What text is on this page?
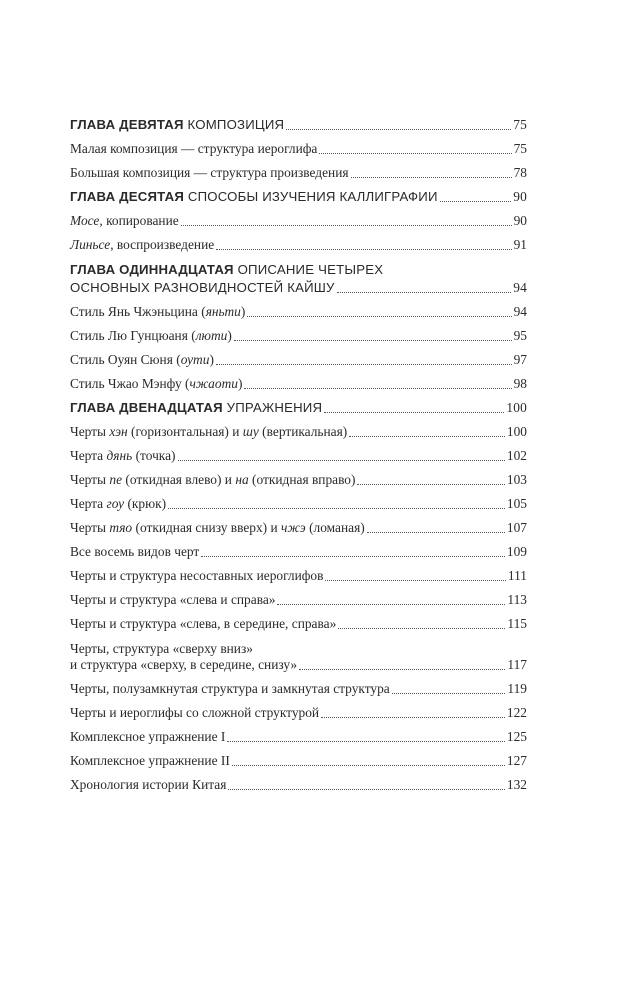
ГЛАВА ДЕВЯТАЯ КОМПОЗИЦИЯ	75
Малая композиция — структура иероглифа	75
Большая композиция — структура произведения	78
ГЛАВА ДЕСЯТАЯ СПОСОБЫ ИЗУЧЕНИЯ КАЛЛИГРАФИИ	90
Мосе, копирование	90
Линьсе, воспроизведение	91
ГЛАВА ОДИННАДЦАТАЯ ОПИСАНИЕ ЧЕТЫРЕХ
ОСНОВНЫХ РАЗНОВИДНОСТЕЙ КАЙШУ	94
Стиль Янь Чжэньцина (яньти)	94
Стиль Лю Гунцюаня (люти)	95
Стиль Оуян Сюня (оути)	97
Стиль Чжао Мэнфу (чжаоти)	98
ГЛАВА ДВЕНАДЦАТАЯ УПРАЖНЕНИЯ	100
Черты хэн (горизонтальная) и шу (вертикальная)	100
Черта дянь (точка)	102
Черты пе (откидная влево) и на (откидная вправо)	103
Черта гоу (крюк)	105
Черты тяо (откидная снизу вверх) и чжэ (ломаная)	107
Все восемь видов черт	109
Черты и структура несоставных иероглифов	111
Черты и структура «слева и справа»	113
Черты и структура «слева, в середине, справа»	115
Черты, структура «сверху вниз»
и структура «сверху, в середине, снизу»	117
Черты, полузамкнутая структура и замкнутая структура	119
Черты и иероглифы со сложной структурой	122
Комплексное упражнение I	125
Комплексное упражнение II	127
Хронология истории Китая	132
